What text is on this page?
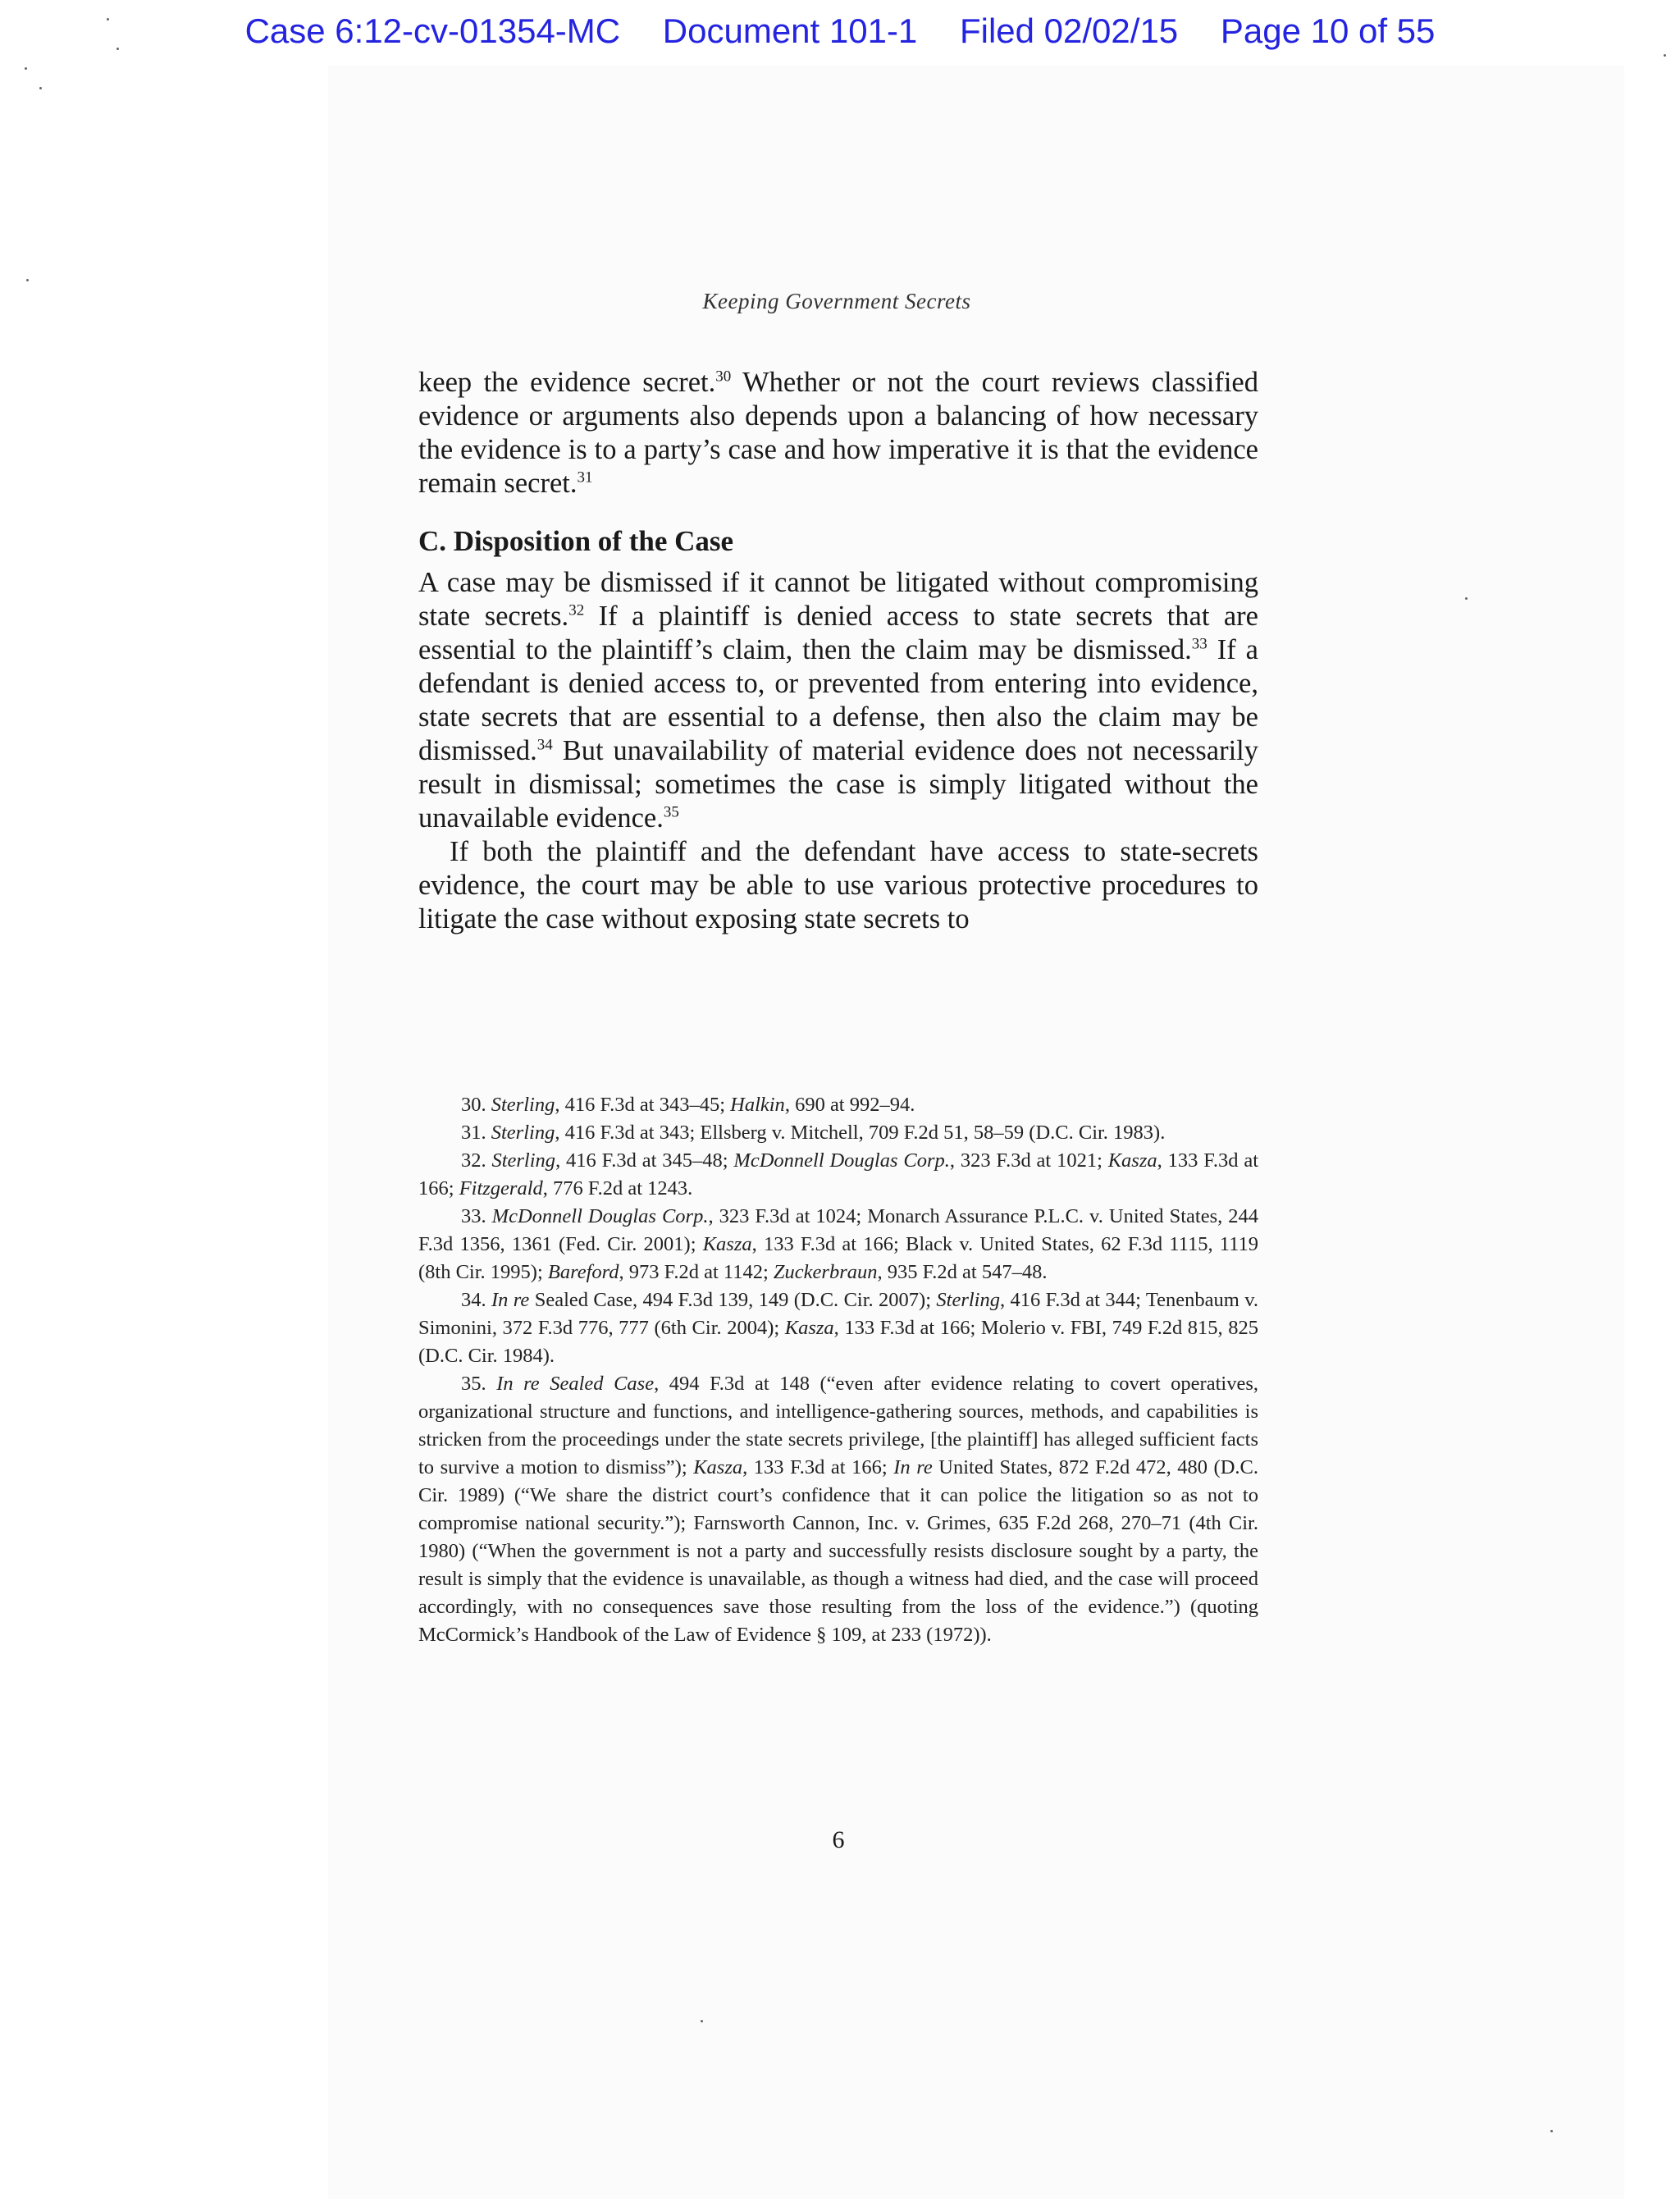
Case 6:12-cv-01354-MC Document 101-1 Filed 02/02/15 Page 10 of 55
Keeping Government Secrets

keep the evidence secret.$^{30}$ Whether or not the court reviews classified evidence or arguments also depends upon a balancing of how necessary the evidence is to a party’s case and how imperative it is that the evidence remain secret.$^{31}$

C. Disposition of the Case

A case may be dismissed if it cannot be litigated without compromising state secrets.$^{32}$ If a plaintiff is denied access to state secrets that are essential to the plaintiff’s claim, then the claim may be dismissed.$^{33}$ If a defendant is denied access to, or prevented from entering into evidence, state secrets that are essential to a defense, then also the claim may be dismissed.$^{34}$ But unavailability of material evidence does not necessarily result in dismissal; sometimes the case is simply litigated without the unavailable evidence.$^{35}$

If both the plaintiff and the defendant have access to state-secrets evidence, the court may be able to use various protective procedures to litigate the case without exposing state secrets to

30. Sterling, 416 F.3d at 343–45; Halkin, 690 at 992–94.

31. Sterling, 416 F.3d at 343; Ellsberg v. Mitchell, 709 F.2d 51, 58–59 (D.C. Cir. 1983).

32. Sterling, 416 F.3d at 345–48; McDonnell Douglas Corp., 323 F.3d at 1021; Kasza, 133 F.3d at 166; Fitzgerald, 776 F.2d at 1243.

33. McDonnell Douglas Corp., 323 F.3d at 1024; Monarch Assurance P.L.C. v. United States, 244 F.3d 1356, 1361 (Fed. Cir. 2001); Kasza, 133 F.3d at 166; Black v. United States, 62 F.3d 1115, 1119 (8th Cir. 1995); Bareford, 973 F.2d at 1142; Zuckerbraun, 935 F.2d at 547–48.

34. In re Sealed Case, 494 F.3d 139, 149 (D.C. Cir. 2007); Sterling, 416 F.3d at 344; Tenenbaum v. Simonini, 372 F.3d 776, 777 (6th Cir. 2004); Kasza, 133 F.3d at 166; Molerio v. FBI, 749 F.2d 815, 825 (D.C. Cir. 1984).

35. In re Sealed Case, 494 F.3d at 148 (“even after evidence relating to covert operatives, organizational structure and functions, and intelligence-gathering sources, methods, and capabilities is stricken from the proceedings under the state secrets privilege, [the plaintiff] has alleged sufficient facts to survive a motion to dismiss”); Kasza, 133 F.3d at 166; In re United States, 872 F.2d 472, 480 (D.C. Cir. 1989) (“We share the district court’s confidence that it can police the litigation so as not to compromise national security.”); Farnsworth Cannon, Inc. v. Grimes, 635 F.2d 268, 270–71 (4th Cir. 1980) (“When the government is not a party and successfully resists disclosure sought by a party, the result is simply that the evidence is unavailable, as though a witness had died, and the case will proceed accordingly, with no consequences save those resulting from the loss of the evidence.”) (quoting McCormick’s Handbook of the Law of Evidence § 109, at 233 (1972)).

6
